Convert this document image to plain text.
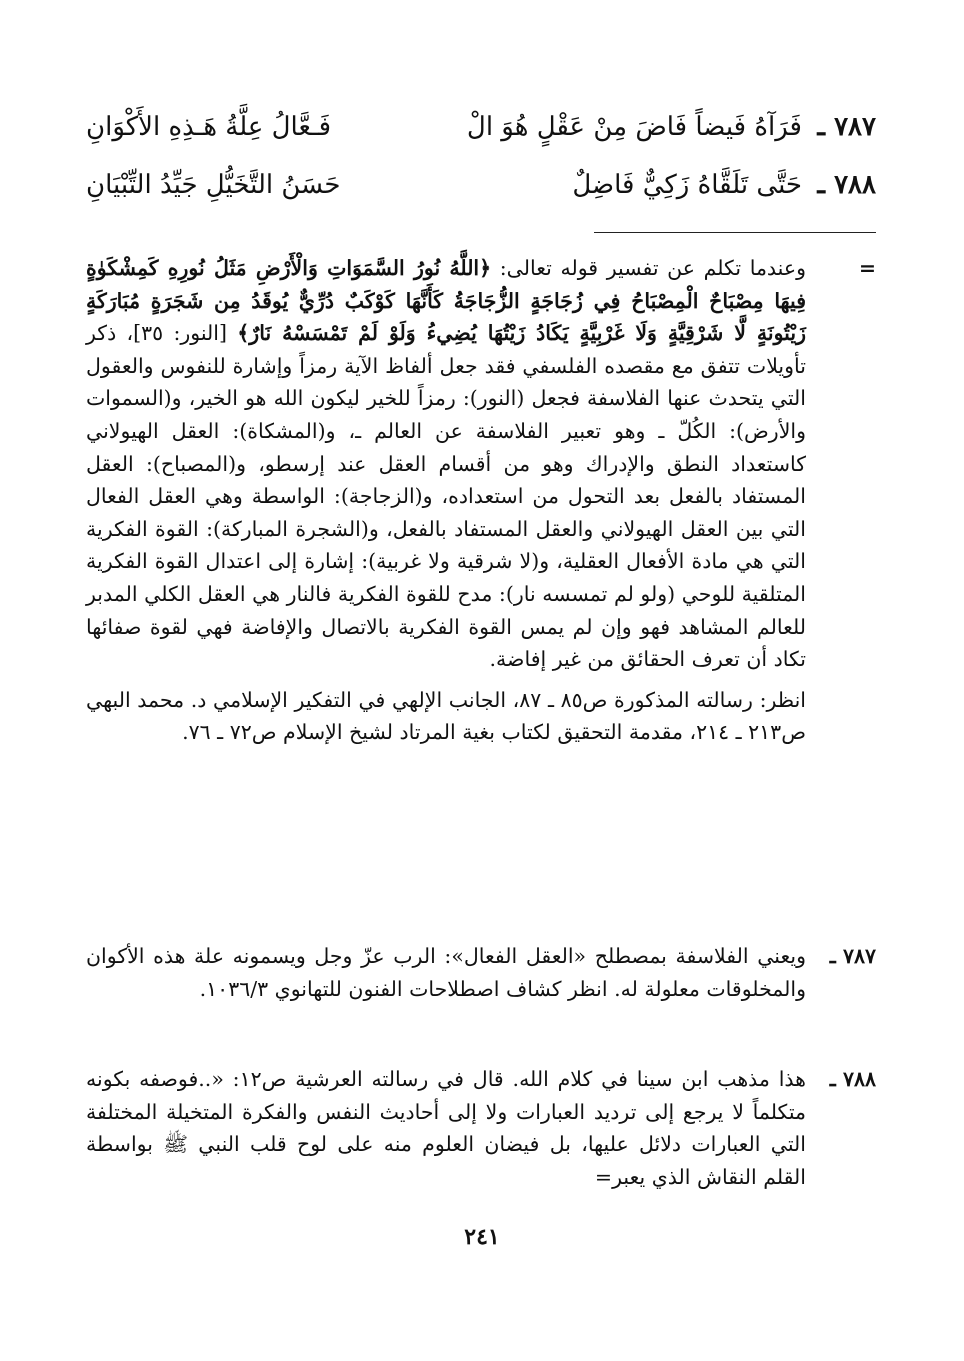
٧٨٧ ـ
فَرَآهُ فَيضاً فَاضَ مِنْ عَقْلٍ هُوَ الْ
فَـعَّالُ عِلَّةُ هَـذِهِ الأَكْوَانِ
٧٨٨ ـ
حَتَّى تَلَقَّاهُ زَكِيٌّ فَاضِلٌ
حَسَنُ التَّخَيُّلِ جَيِّدُ التِّبْيَانِ
=

وعندما تكلم عن تفسير قوله تعالى: ﴿اللَّهُ نُورُ السَّمَوَاتِ وَالْأَرْضِ مَثَلُ نُورِهِ كَمِشْكَوٰةٍ فِيهَا مِصْبَاحٌ الْمِصْبَاحُ فِي زُجَاجَةٍ الزُّجَاجَةُ كَأَنَّهَا كَوْكَبٌ دُرِّيٌّ يُوقَدُ مِن شَجَرَةٍ مُبَارَكَةٍ زَيْتُونَةٍ لَّا شَرْقِيَّةٍ وَلَا غَرْبِيَّةٍ يَكَادُ زَيْتُهَا يُضِيءُ وَلَوْ لَمْ تَمْسَسْهُ نَارٌ﴾ [النور: ٣٥]، ذكر تأويلات تتفق مع مقصده الفلسفي فقد جعل ألفاظ الآية رمزاً وإشارة للنفوس والعقول التي يتحدث عنها الفلاسفة فجعل (النور): رمزاً للخير ليكون الله هو الخير، و(السموات والأرض): الكُلّ ـ وهو تعبير الفلاسفة عن العالم ـ، و(المشكاة): العقل الهيولاني كاستعداد النطق والإدراك وهو من أقسام العقل عند إرسطو، و(المصباح): العقل المستفاد بالفعل بعد التحول من استعداده، و(الزجاجة): الواسطة وهي العقل الفعال التي بين العقل الهيولاني والعقل المستفاد بالفعل، و(الشجرة المباركة): القوة الفكرية التي هي مادة الأفعال العقلية، و(لا شرقية ولا غربية): إشارة إلى اعتدال القوة الفكرية المتلقية للوحي (ولو لم تمسسه نار): مدح للقوة الفكرية فالنار هي العقل الكلي المدبر للعالم المشاهد فهو وإن لم يمس القوة الفكرية بالاتصال والإفاضة فهي لقوة صفائها تكاد أن تعرف الحقائق من غير إفاضة.

انظر: رسالته المذكورة ص٨٥ ـ ٨٧، الجانب الإلهي في التفكير الإسلامي د. محمد البهي ص٢١٣ ـ ٢١٤، مقدمة التحقيق لكتاب بغية المرتاد لشيخ الإسلام ص٧٢ ـ ٧٦.

٧٨٧ ـ

ويعني الفلاسفة بمصطلح «العقل الفعال»: الرب عزّ وجل ويسمونه علة هذه الأكوان والمخلوقات معلولة له. انظر كشاف اصطلاحات الفنون للتهانوي ١٠٣٦/٣.

٧٨٨ ـ

هذا مذهب ابن سينا في كلام الله. قال في رسالته العرشية ص١٢: «..فوصفه بكونه متكلماً لا يرجع إلى ترديد العبارات ولا إلى أحاديث النفس والفكرة المتخيلة المختلفة التي العبارات دلائل عليها، بل فيضان العلوم منه على لوح قلب النبي ﷺ بواسطة القلم النقاش الذي يعبر=

٢٤١
